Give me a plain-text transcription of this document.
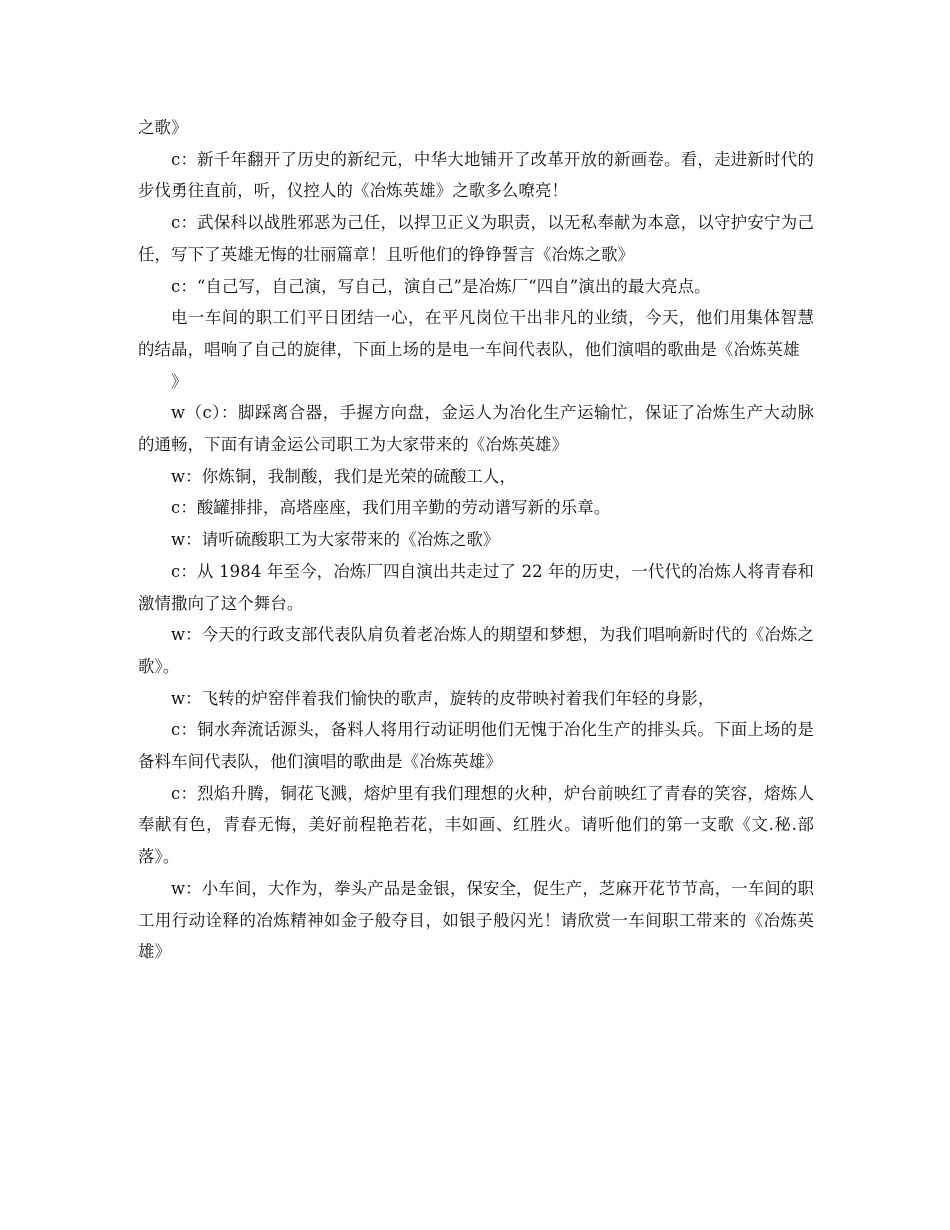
之歌》

c：新千年翻开了历史的新纪元，中华大地铺开了改革开放的新画卷。看，走进新时代的步伐勇往直前，听，仪控人的《冶炼英雄》之歌多么嘹亮！

c：武保科以战胜邪恶为己任，以捍卫正义为职责，以无私奉献为本意，以守护安宁为己任，写下了英雄无悔的壮丽篇章！且听他们的铮铮誓言《冶炼之歌》

c：“自己写，自己演，写自己，演自己”是冶炼厂“四自”演出的最大亮点。

电一车间的职工们平日团结一心，在平凡岗位干出非凡的业绩，今天，他们用集体智慧的结晶，唱响了自己的旋律，下面上场的是电一车间代表队，他们演唱的歌曲是《冶炼英雄

》

w（c）：脚踩离合器，手握方向盘，金运人为冶化生产运输忙，保证了冶炼生产大动脉的通畅，下面有请金运公司职工为大家带来的《冶炼英雄》

w：你炼铜，我制酸，我们是光荣的硫酸工人，

c：酸罐排排，高塔座座，我们用辛勤的劳动谱写新的乐章。

w：请听硫酸职工为大家带来的《冶炼之歌》

c：从 1984 年至今，冶炼厂四自演出共走过了 22 年的历史，一代代的冶炼人将青春和激情撒向了这个舞台。

w：今天的行政支部代表队肩负着老冶炼人的期望和梦想，为我们唱响新时代的《冶炼之歌》。

w：飞转的炉窑伴着我们愉快的歌声，旋转的皮带映衬着我们年轻的身影，

c：铜水奔流话源头，备料人将用行动证明他们无愧于冶化生产的排头兵。下面上场的是备料车间代表队，他们演唱的歌曲是《冶炼英雄》

c：烈焰升腾，铜花飞溅，熔炉里有我们理想的火种，炉台前映红了青春的笑容，熔炼人奉献有色，青春无悔，美好前程艳若花，丰如画、红胜火。请听他们的第一支歌《文.秘.部落》。

w：小车间，大作为，拳头产品是金银，保安全，促生产，芝麻开花节节高，一车间的职工用行动诠释的冶炼精神如金子般夺目，如银子般闪光！请欣赏一车间职工带来的《冶炼英雄》
